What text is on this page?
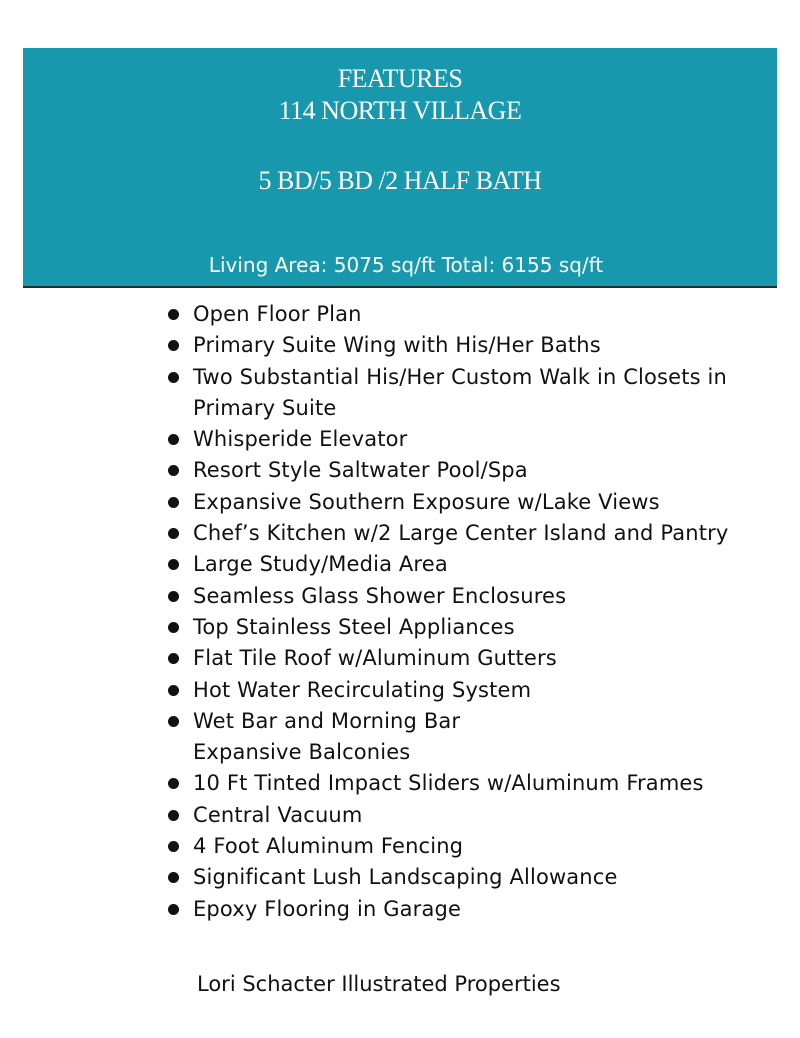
FEATURES
114 NORTH VILLAGE
5 BD/5 BD /2 HALF BATH
Living Area: 5075 sq/ft Total: 6155 sq/ft
Open Floor Plan
Primary Suite Wing with His/Her Baths
Two Substantial His/Her Custom Walk in Closets in
Primary Suite
Whisperide Elevator
Resort Style Saltwater Pool/Spa
Expansive Southern Exposure w/Lake Views
Chef’s Kitchen w/2 Large Center Island and Pantry
Large Study/Media Area
Seamless Glass Shower Enclosures
Top Stainless Steel Appliances
Flat Tile Roof w/Aluminum Gutters
Hot Water Recirculating System
Wet Bar and Morning Bar
Expansive Balconies
10 Ft Tinted Impact Sliders w/Aluminum Frames
Central Vacuum
4 Foot Aluminum Fencing
Significant Lush Landscaping Allowance
Epoxy Flooring in Garage
Lori Schacter Illustrated Properties
